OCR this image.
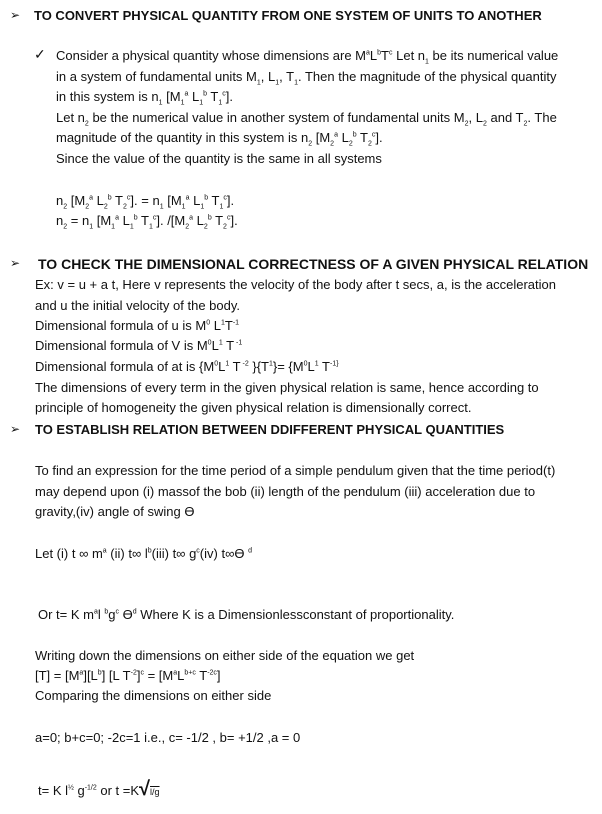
➢ TO CONVERT PHYSICAL QUANTITY FROM ONE SYSTEM OF UNITS TO ANOTHER
✓ Consider a physical quantity whose dimensions are $M^aL^bT^c$ Let $n_1$ be its numerical value
in a system of fundamental units $M_1$, $L_1$, $T_1$. Then the magnitude of the physical quantity
in this system is $n_1$ [$M_1^a$ $L_1^b$ $T_1^c$].
Let $n_2$ be the numerical value in another system of fundamental units $M_2$, $L_2$ and $T_2$. The
magnitude of the quantity in this system is $n_2$ [$M_2^a$ $L_2^b$ $T_2^c$].
Since the value of the quantity is the same in all systems
$n_2$ [$M_2^a$ $L_2^b$ $T_2^c$]. = $n_1$ [$M_1^a$ $L_1^b$ $T_1^c$].
$n_2 = n_1$ [$M_1^a$ $L_1^b$ $T_1^c$]. $/[M_2^a$ $L_2^b$ $T_2^c$].
➢ TO CHECK THE DIMENSIONAL CORRECTNESS OF A GIVEN PHYSICAL RELATION
Ex: v = u + a t, Here v represents the velocity of the body after t secs, a, is the acceleration
and u the initial velocity of the body.
Dimensional formula of u is $M^0$ $L^1T^{-1}$
Dimensional formula of V is $M^0L^1$ T $^{-1}$
Dimensional formula of at is {$M^0L^1$ T $^{-2}$ }$\{T^1\}= \{M^0L^1$ $T^{-1\}}$
The dimensions of every term in the given physical relation is same, hence according to
principle of homogeneity the given physical relation is dimensionally correct.
➢ TO ESTABLISH RELATION BETWEEN DDIFFERENT PHYSICAL QUANTITIES
To find an expression for the time period of a simple pendulum given that the time period(t)
may depend upon (i) massof the bob (ii) length of the pendulum (iii) acceleration due to
gravity,(iv) angle of swing ϴ
Let (i) t ∞ $m^a$ (ii) t∞ $l^b(iii)$ t∞ $g^c(iv)$ t∞ϴ $^d$
Or t= K $m^al$ $^bg^c$ $ϴ^d$ Where K is a Dimensionlessconstant of proportionality.
Writing down the dimensions on either side of the equation we get
$[T] = [M^a][L^b]$ [L $T^{-2}]^c = [M^aL^{b+c}$ $T^{-2c}$]
Comparing the dimensions on either side
a=0; b+c=0; -2c=1 i.e., c= -1/2 , b= +1/2 ,a = 0
t= K $l^{\frac{1}{2}}$ $g^{-1/2}$ or t =K√l/g
